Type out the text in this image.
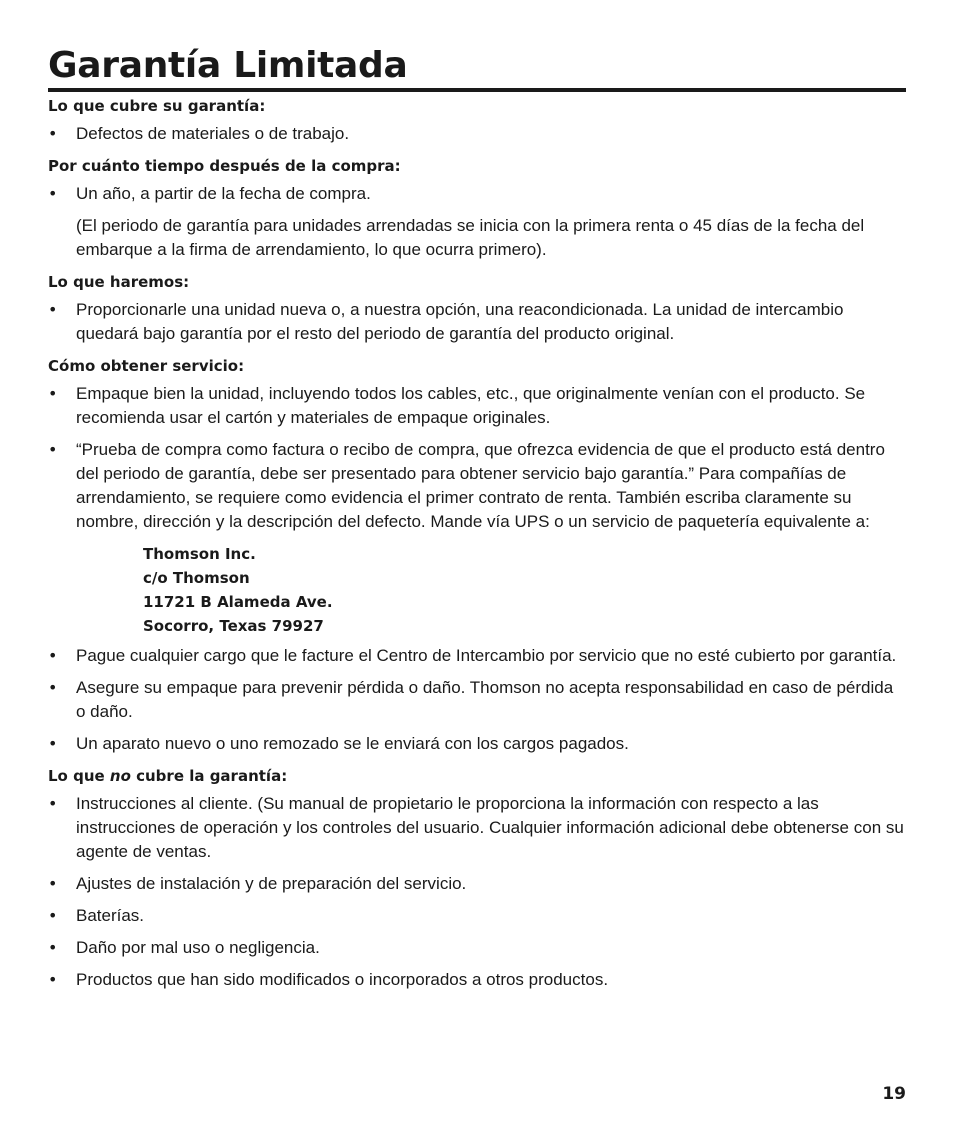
Garantía Limitada

Lo que cubre su garantía:

• Defectos de materiales o de trabajo.

Por cuánto tiempo después de la compra:

• Un año, a partir de la fecha de compra.

(El periodo de garantía para unidades arrendadas se inicia con la primera renta o 45 días de la fecha del embarque a la firma de arrendamiento, lo que ocurra primero).

Lo que haremos:

• Proporcionarle una unidad nueva o, a nuestra opción, una reacondicionada. La unidad de intercambio quedará bajo garantía por el resto del periodo de garantía del producto original.

Cómo obtener servicio:

• Empaque bien la unidad, incluyendo todos los cables, etc., que originalmente venían con el producto. Se recomienda usar el cartón y materiales de empaque originales.
• “Prueba de compra como factura o recibo de compra, que ofrezca evidencia de que el producto está dentro del periodo de garantía, debe ser presentado para obtener servicio bajo garantía.” Para compañías de arrendamiento, se requiere como evidencia el primer contrato de renta. También escriba claramente su nombre, dirección y la descripción del defecto. Mande vía UPS o un servicio de paquetería equivalente a:
Thomson Inc.
c/o Thomson
11721 B Alameda Ave.
Socorro, Texas 79927
• Pague cualquier cargo que le facture el Centro de Intercambio por servicio que no esté cubierto por garantía.
• Asegure su empaque para prevenir pérdida o daño. Thomson no acepta responsabilidad en caso de pérdida o daño.
• Un aparato nuevo o uno remozado se le enviará con los cargos pagados.

Lo que no cubre la garantía:

• Instrucciones al cliente. (Su manual de propietario le proporciona la información con respecto a las instrucciones de operación y los controles del usuario. Cualquier información adicional debe obtenerse con su agente de ventas.
• Ajustes de instalación y de preparación del servicio.
• Baterías.
• Daño por mal uso o negligencia.
• Productos que han sido modificados o incorporados a otros productos.
19
